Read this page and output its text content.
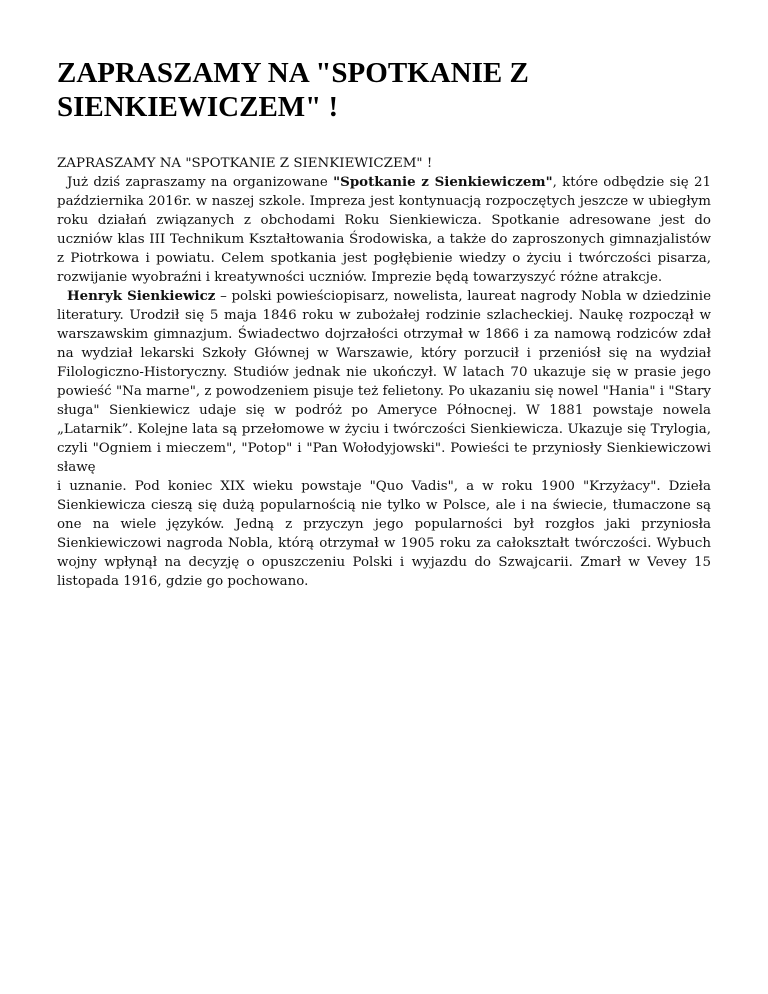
ZAPRASZAMY NA "SPOTKANIE Z SIENKIEWICZEM" !

ZAPRASZAMY NA "SPOTKANIE Z SIENKIEWICZEM" !

Już dziś zapraszamy na organizowane "Spotkanie z Sienkiewiczem", które odbędzie się 21 października 2016r. w naszej szkole. Impreza jest kontynuacją rozpoczętych jeszcze w ubiegłym roku działań związanych z obchodami Roku Sienkiewicza. Spotkanie adresowane jest do uczniów klas III Technikum Kształtowania Środowiska, a także do zaproszonych gimnazjalistów z Piotrkowa i powiatu. Celem spotkania jest pogłębienie wiedzy o życiu i twórczości pisarza, rozwijanie wyobraźni i kreatywności uczniów. Imprezie będą towarzyszyć różne atrakcje.

Henryk Sienkiewicz – polski powieściopisarz, nowelista, laureat nagrody Nobla w dziedzinie literatury. Urodził się 5 maja 1846 roku w zubożałej rodzinie szlacheckiej. Naukę rozpoczął w warszawskim gimnazjum. Świadectwo dojrzałości otrzymał w 1866 i za namową rodziców zdał na wydział lekarski Szkoły Głównej w Warszawie, który porzucił i przeniósł się na wydział Filologiczno-Historyczny. Studiów jednak nie ukończył. W latach 70 ukazuje się w prasie jego powieść "Na marne", z powodzeniem pisuje też felietony. Po ukazaniu się nowel "Hania" i "Stary sługa" Sienkiewicz udaje się w podróż po Ameryce Północnej. W 1881 powstaje nowela „Latarnik”. Kolejne lata są przełomowe w życiu i twórczości Sienkiewicza. Ukazuje się Trylogia, czyli "Ogniem i mieczem", "Potop" i "Pan Wołodyjowski". Powieści te przyniosły Sienkiewiczowi sławę
i uznanie. Pod koniec XIX wieku powstaje "Quo Vadis", a w roku 1900 "Krzyżacy". Dzieła Sienkiewicza cieszą się dużą popularnością nie tylko w Polsce, ale i na świecie, tłumaczone są one na wiele języków. Jedną z przyczyn jego popularności był rozgłos jaki przyniosła Sienkiewiczowi nagroda Nobla, którą otrzymał w 1905 roku za całokształt twórczości. Wybuch wojny wpłynął na decyzję o opuszczeniu Polski i wyjazdu do Szwajcarii. Zmarł w Vevey 15 listopada 1916, gdzie go pochowano.
